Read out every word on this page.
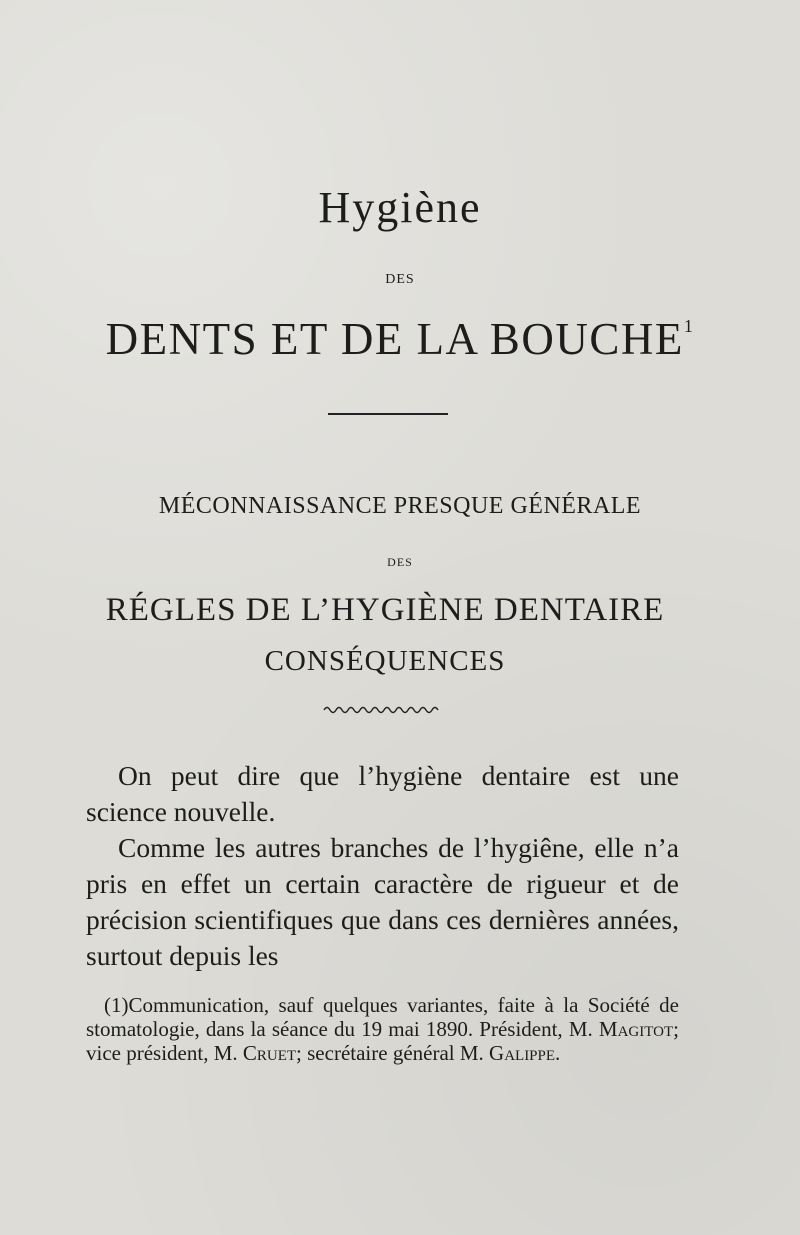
Hygiène
DES
DENTS ET DE LA BOUCHE$^1$
MÉCONNAISSANCE PRESQUE GÉNÉRALE
DES
RÉGLES DE L’HYGIÈNE DENTAIRE
CONSÉQUENCES

On peut dire que l’hygiène dentaire est une science nouvelle.

Comme les autres branches de l’hygiêne, elle n’a pris en effet un certain caractère de rigueur et de précision scientifiques que dans ces dernières années, surtout depuis les

(1)Communication, sauf quelques variantes, faite à la Société de stomatologie, dans la séance du 19 mai 1890. Président, M. Magitot; vice président, M. Cruet; secrétaire général M. Galippe.
